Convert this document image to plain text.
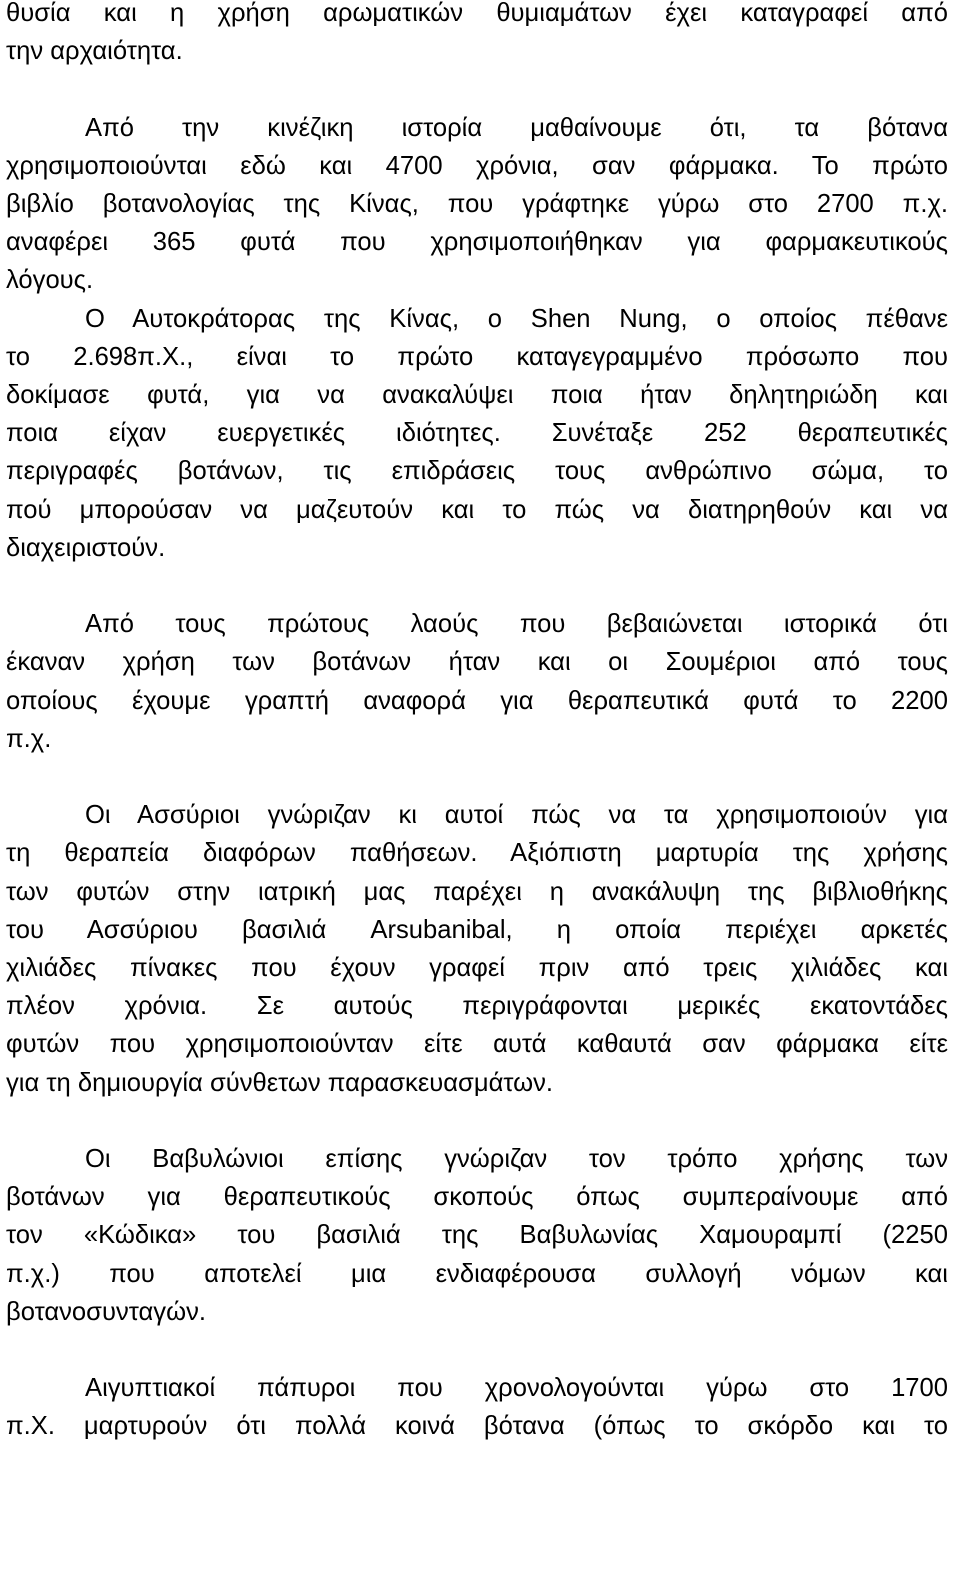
θυσία και η χρήση αρωματικών θυμιαμάτων έχει καταγραφεί από
την αρχαιότητα.

Από την κινέζικη ιστορία μαθαίνουμε ότι, τα βότανα
χρησιμοποιούνται εδώ και 4700 χρόνια, σαν φάρμακα. Το πρώτο
βιβλίο βοτανολογίας της Κίνας, που γράφτηκε γύρω στο 2700 π.χ.
αναφέρει 365 φυτά που χρησιμοποιήθηκαν για φαρμακευτικούς
λόγους.

Ο Αυτοκράτορας της Κίνας, ο Shen Nung, ο οποίος πέθανε
το 2.698π.Χ., είναι το πρώτο καταγεγραμμένο πρόσωπο που
δοκίμασε φυτά, για να ανακαλύψει ποια ήταν δηλητηριώδη και
ποια είχαν ευεργετικές ιδιότητες. Συνέταξε 252 θεραπευτικές
περιγραφές βοτάνων, τις επιδράσεις τους ανθρώπινο σώμα, το
πού μπορούσαν να μαζευτούν και το πώς να διατηρηθούν και να
διαχειριστούν.

Από τους πρώτους λαούς που βεβαιώνεται ιστορικά ότι
έκαναν χρήση των βοτάνων ήταν και οι Σουμέριοι από τους
οποίους έχουμε γραπτή αναφορά για θεραπευτικά φυτά το 2200
π.χ.

Οι Ασσύριοι γνώριζαν κι αυτοί πώς να τα χρησιμοποιούν για
τη θεραπεία διαφόρων παθήσεων. Αξιόπιστη μαρτυρία της χρήσης
των φυτών στην ιατρική μας παρέχει η ανακάλυψη της βιβλιοθήκης
του Ασσύριου βασιλιά Arsubanibal, η οποία περιέχει αρκετές
χιλιάδες πίνακες που έχουν γραφεί πριν από τρεις χιλιάδες και
πλέον χρόνια. Σε αυτούς περιγράφονται μερικές εκατοντάδες
φυτών που χρησιμοποιούνταν είτε αυτά καθαυτά σαν φάρμακα είτε
για τη δημιουργία σύνθετων παρασκευασμάτων.

Οι Βαβυλώνιοι επίσης γνώριζαν τον τρόπο χρήσης των
βοτάνων για θεραπευτικούς σκοπούς όπως συμπεραίνουμε από
τον «Κώδικα» του βασιλιά της Βαβυλωνίας Χαμουραμπί (2250
π.χ.) που αποτελεί μια ενδιαφέρουσα συλλογή νόμων και
βοτανοσυνταγών.

Αιγυπτιακοί πάπυροι που χρονολογούνται γύρω στο 1700
π.Χ. μαρτυρούν ότι πολλά κοινά βότανα (όπως το σκόρδο και το
